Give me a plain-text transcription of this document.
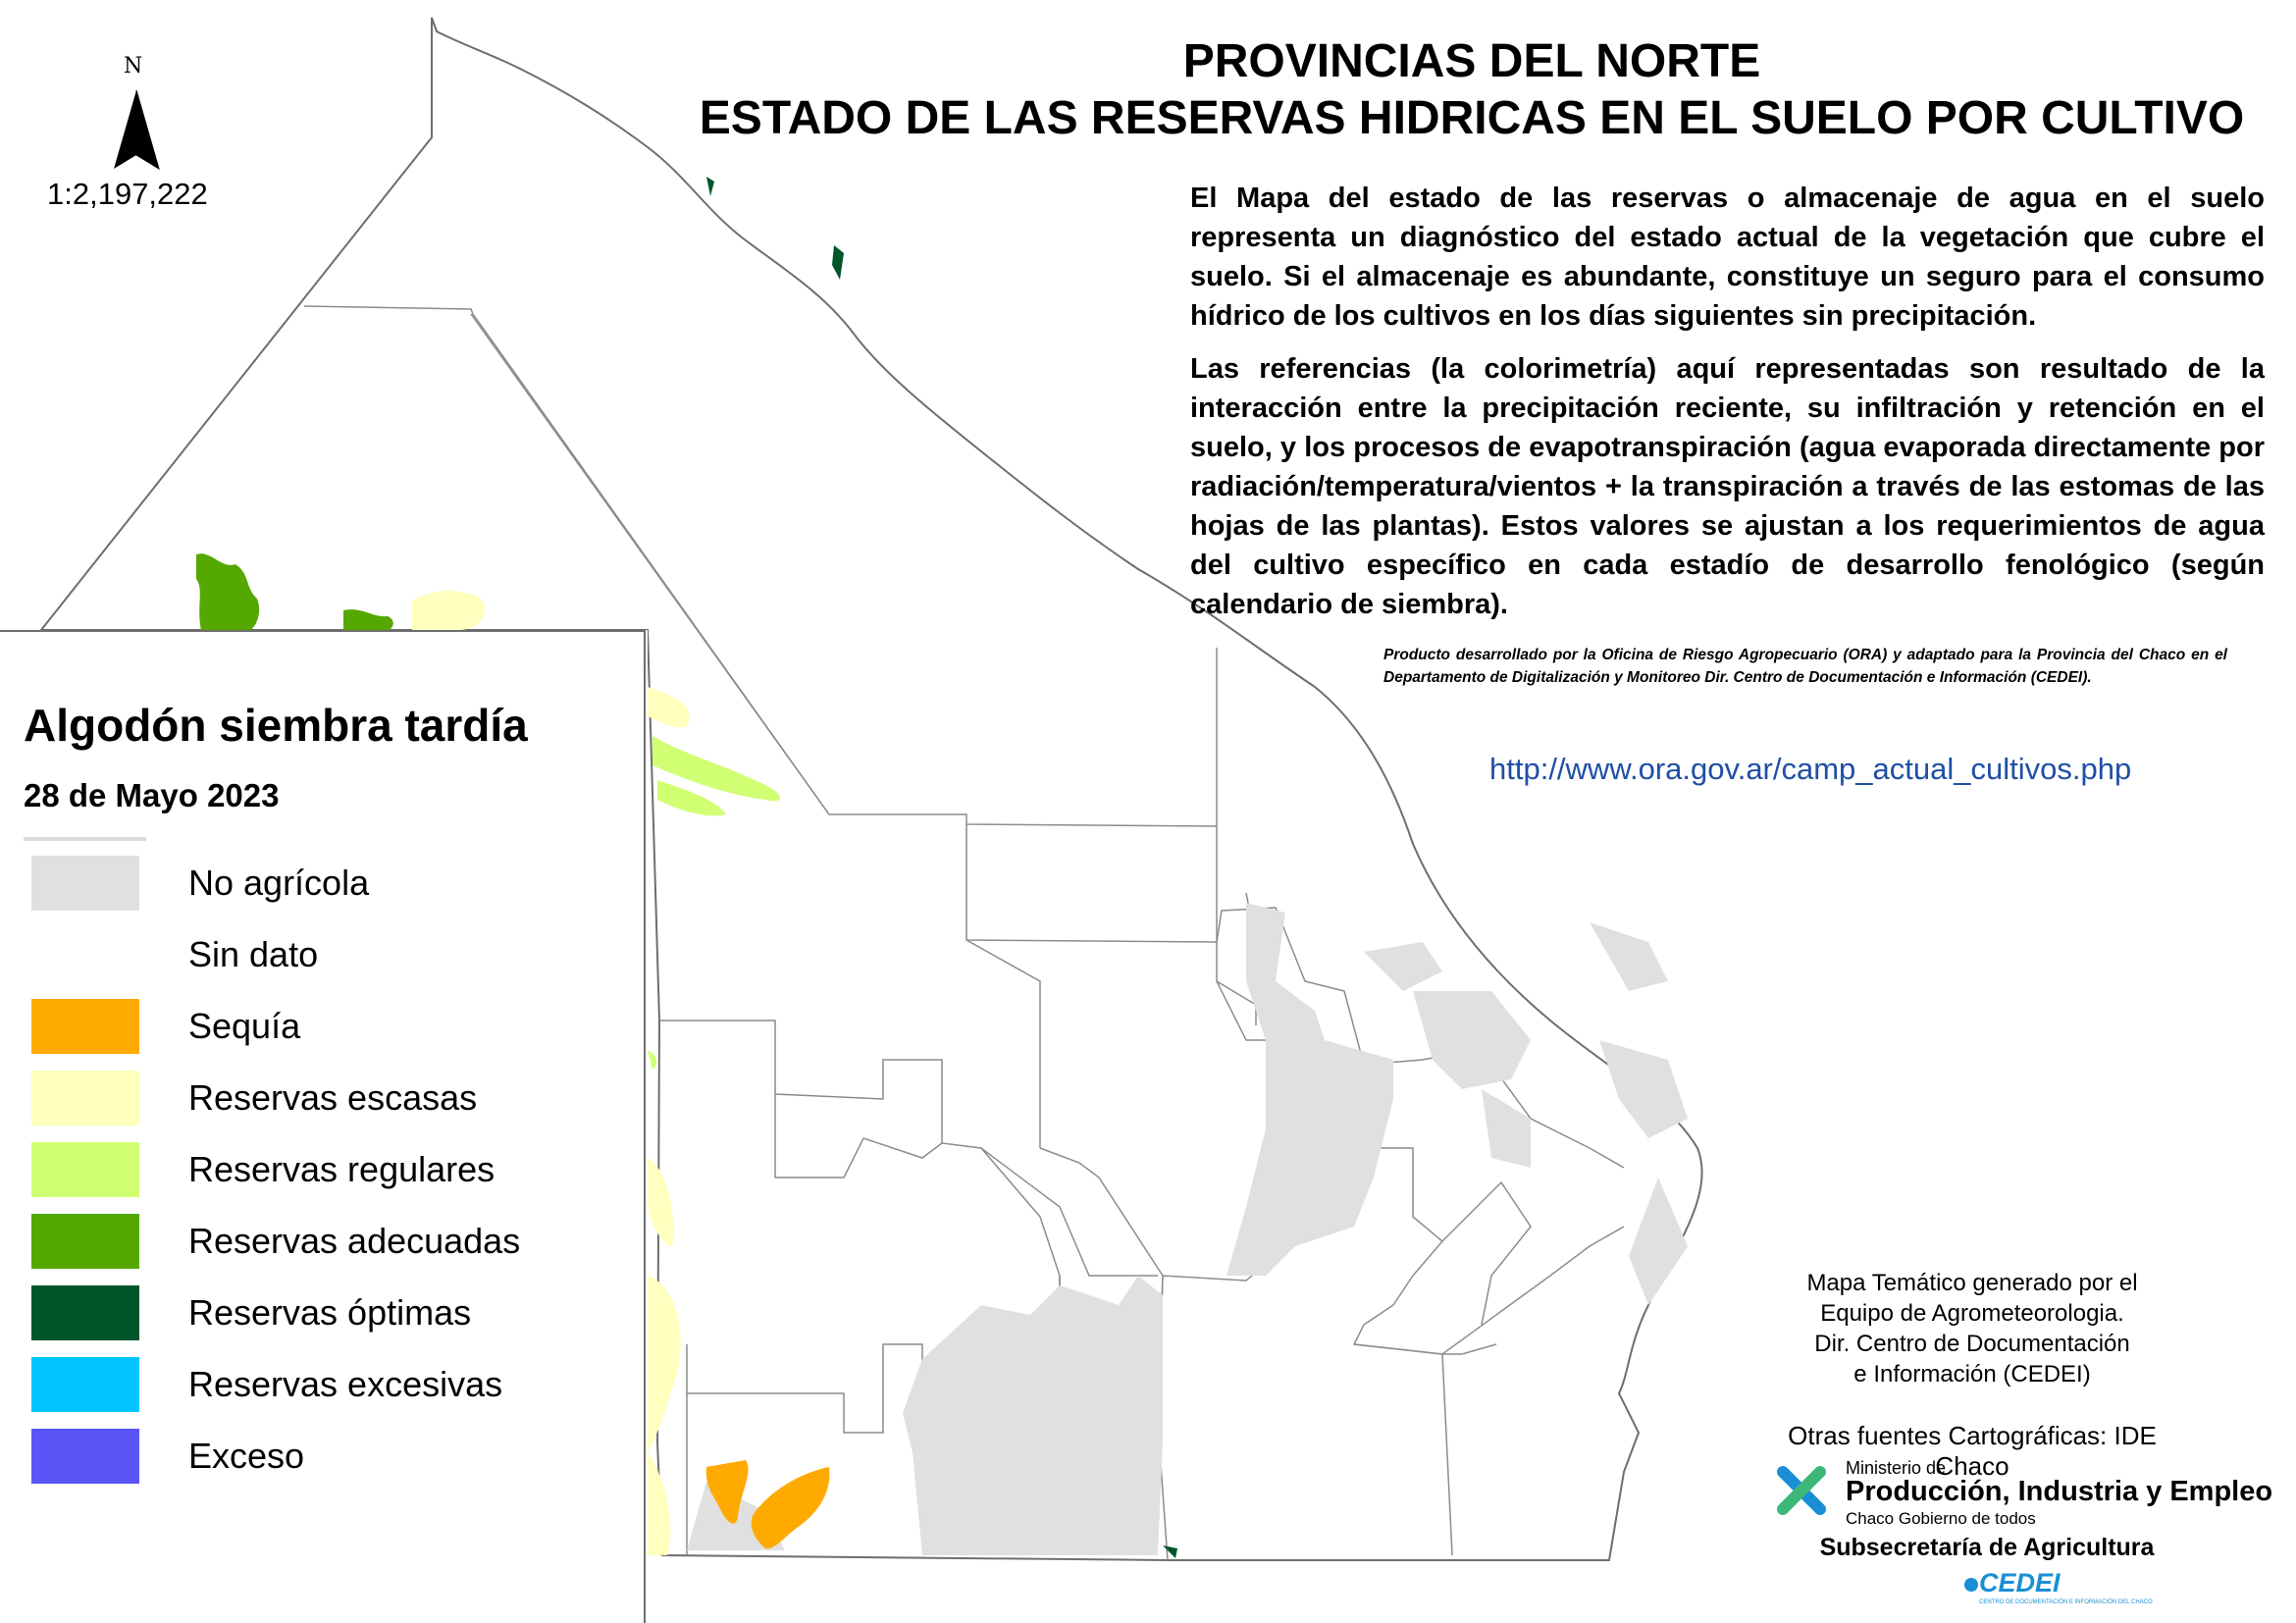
N
1:2,197,222
PROVINCIAS DEL NORTE
ESTADO DE LAS RESERVAS HIDRICAS EN EL SUELO POR CULTIVO
El Mapa del estado de las reservas o almacenaje de agua en el suelo representa un diagnóstico del estado actual de la vegetación que cubre el suelo. Si el almacenaje es abundante, constituye un seguro para el consumo hídrico de los cultivos en los días siguientes sin precipitación.
Las referencias (la colorimetría) aquí representadas son resultado de la interacción entre la precipitación reciente, su infiltración y retención en el suelo, y los procesos de evapotranspiración (agua evaporada directamente por radiación/temperatura/vientos + la transpiración a través de las estomas de las hojas de las plantas). Estos valores se ajustan a los requerimientos de agua del cultivo específico en cada estadío de desarrollo fenológico (según calendario de siembra).
Producto desarrollado por la Oficina de Riesgo Agropecuario (ORA) y adaptado para la Provincia del Chaco en el Departamento de Digitalización y Monitoreo Dir. Centro de Documentación e Información (CEDEI).
http://www.ora.gov.ar/camp_actual_cultivos.php
Algodón siembra tardía
28 de Mayo 2023
No agrícola
Sin dato
Sequía
Reservas escasas
Reservas regulares
Reservas adecuadas
Reservas óptimas
Reservas excesivas
Exceso
Mapa Temático generado por el
Equipo de Agrometeorologia.
Dir. Centro de Documentación
e Información (CEDEI)
Otras fuentes Cartográficas: IDE Chaco
Ministerio de
Producción, Industria y Empleo
Chaco Gobierno de todos
Subsecretaría de Agricultura
CEDEI
CENTRO DE DOCUMENTACIÓN E INFORMACIÓN DEL CHACO
